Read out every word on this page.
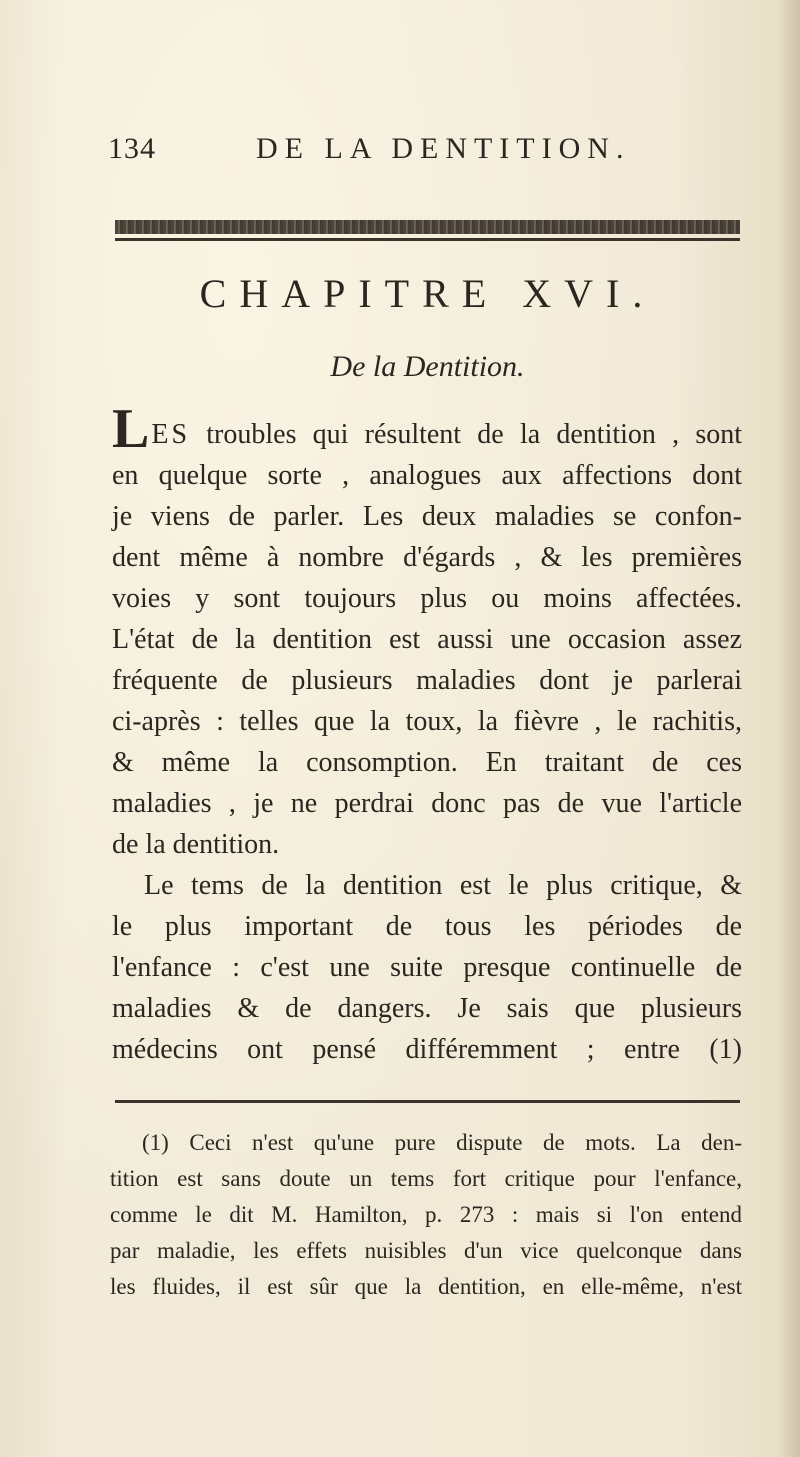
134	DE LA DENTITION.
CHAPITRE XVI.
De la Dentition.
LES troubles qui résultent de la dentition , sont
en quelque sorte , analogues aux affections dont
je viens de parler. Les deux maladies se confon-
dent même à nombre d'égards , & les premières
voies y sont toujours plus ou moins affectées.
L'état de la dentition est aussi une occasion assez
fréquente de plusieurs maladies dont je parlerai
ci-après : telles que la toux, la fièvre , le rachitis,
& même la consomption. En traitant de ces
maladies , je ne perdrai donc pas de vue l'article
de la dentition.
Le tems de la dentition est le plus critique, &
le plus important de tous les périodes de
l'enfance : c'est une suite presque continuelle de
maladies & de dangers. Je sais que plusieurs
médecins ont pensé différemment ; entre (1)
(1) Ceci n'est qu'une pure dispute de mots. La den-
tition est sans doute un tems fort critique pour l'enfance,
comme le dit M. Hamilton, p. 273 : mais si l'on entend
par maladie, les effets nuisibles d'un vice quelconque dans
les fluides, il est sûr que la dentition, en elle-même, n'est
